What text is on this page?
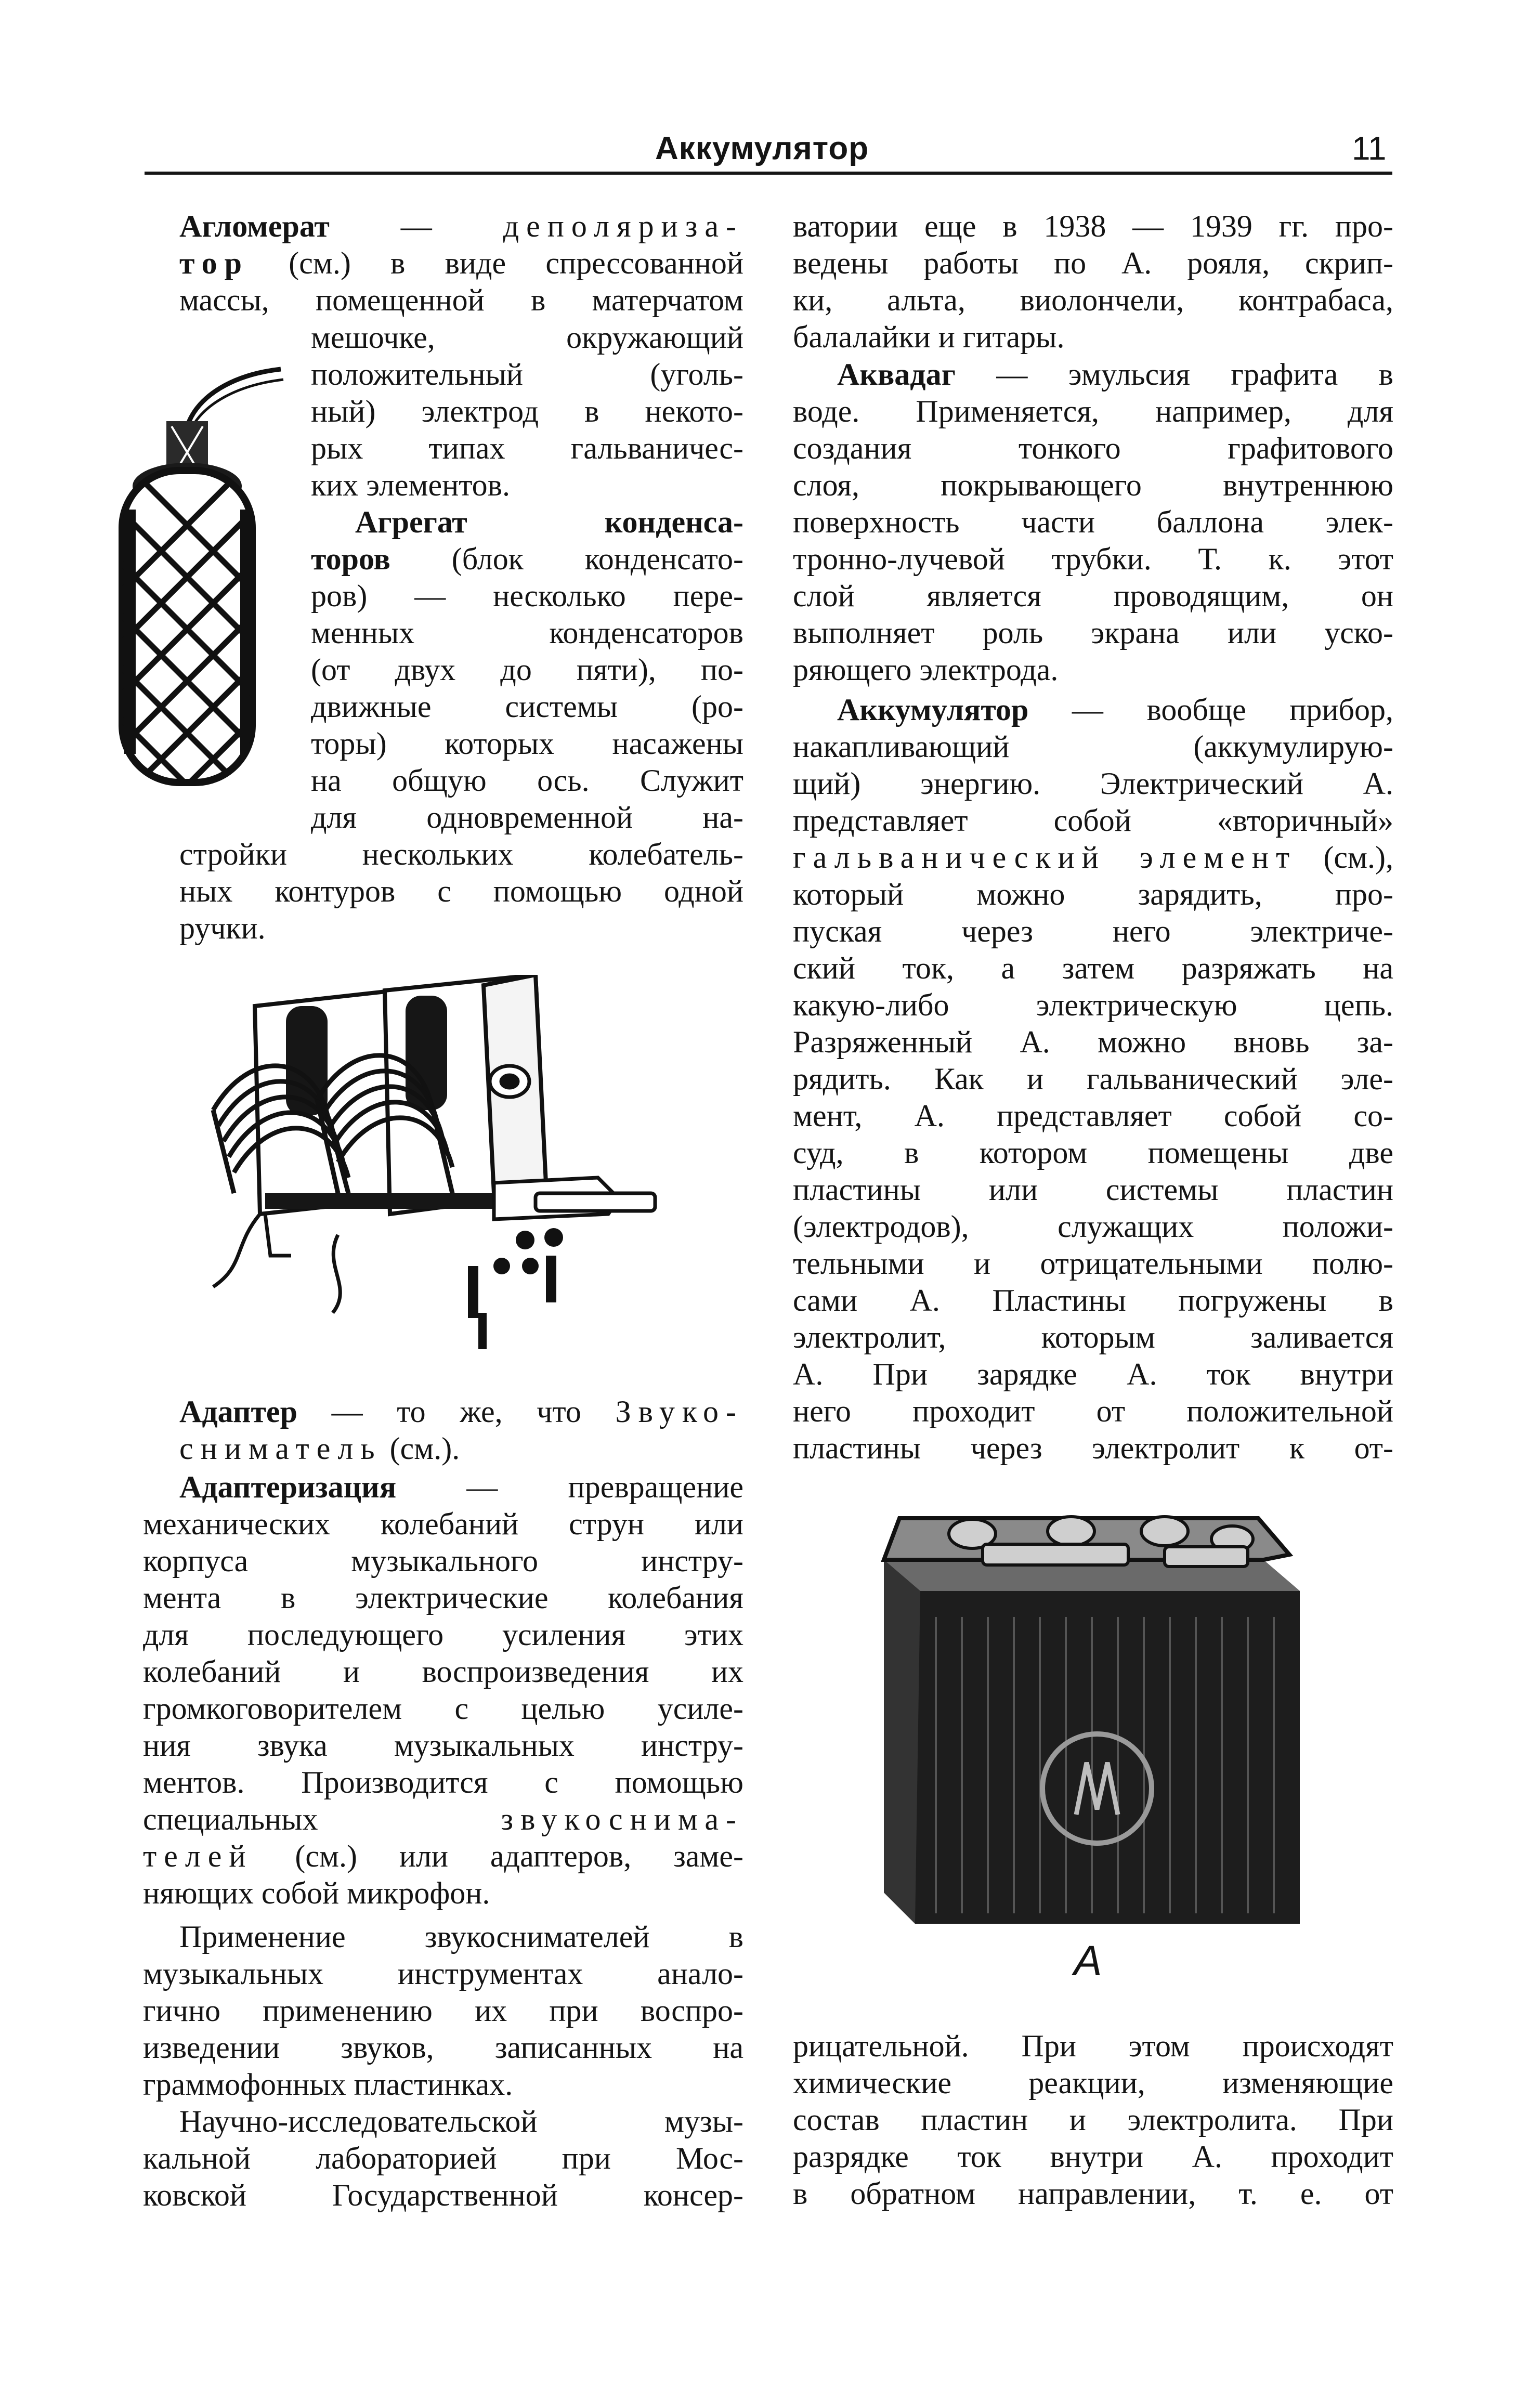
Аккумулятор	11
Агломерат — деполяриза-
тор (см.) в виде спрессованной
массы, помещенной в матерчатом
мешочке, окружающий
положительный (уголь-
ный) электрод в некото-
рых типах гальваничес-
ких элементов.
Агрегат конденса-
торов (блок конденсато-
ров) — несколько пере-
менных конденсаторов
(от двух до пяти), по-
движные системы (ро-
торы) которых насажены
на общую ось. Служит
для одновременной на-
стройки нескольких колебатель-
ных контуров с помощью одной
ручки.
Адаптер — то же, что Звуко-
сниматель (см.).
Адаптеризация — превращение
механических колебаний струн или
корпуса музыкального инстру-
мента в электрические колебания
для последующего усиления этих
колебаний и воспроизведения их
громкоговорителем с целью усиле-
ния звука музыкальных инстру-
ментов. Производится с помощью
специальных звукоснима-
телей (см.) или адаптеров, заме-
няющих собой микрофон.
Применение звукоснимателей в
музыкальных инструментах анало-
гично применению их при воспро-
изведении звуков, записанных на
граммофонных пластинках.
Научно-исследовательской музы-
кальной лабораторией при Мос-
ковской Государственной консер-
ватории еще в 1938 — 1939 гг. про-
ведены работы по А. рояля, скрип-
ки, альта, виолончели, контрабаса,
балалайки и гитары.
Аквадаг — эмульсия графита в
воде. Применяется, например, для
создания тонкого графитового
слоя, покрывающего внутреннюю
поверхность части баллона элек-
тронно-лучевой трубки. Т. к. этот
слой является проводящим, он
выполняет роль экрана или уско-
ряющего электрода.
Аккумулятор — вообще прибор,
накапливающий (аккумулирую-
щий) энергию. Электрический А.
представляет собой «вторичный»
гальванический элемент (см.),
который можно зарядить, про-
пуская через него электриче-
ский ток, а затем разряжать на
какую-либо электрическую цепь.
Разряженный А. можно вновь за-
рядить. Как и гальванический эле-
мент, А. представляет собой со-
суд, в котором помещены две
пластины или системы пластин
(электродов), служащих положи-
тельными и отрицательными полю-
сами А. Пластины погружены в
электролит, которым заливается
А. При зарядке А. ток внутри
него проходит от положительной
пластины через электролит к от-
А
рицательной. При этом происходят
химические реакции, изменяющие
состав пластин и электролита. При
разрядке ток внутри А. проходит
в обратном направлении, т. е. от
